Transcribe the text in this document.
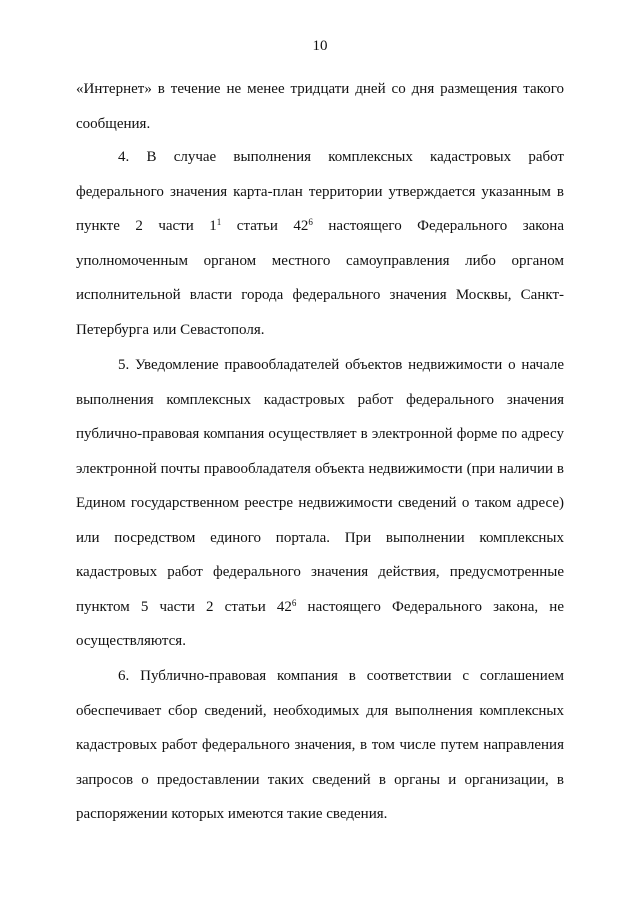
10

«Интернет» в течение не менее тридцати дней со дня размещения такого сообщения.

4. В случае выполнения комплексных кадастровых работ федерального значения карта-план территории утверждается указанным в пункте 2 части $1^1$ статьи $42^6$ настоящего Федерального закона уполномоченным органом местного самоуправления либо органом исполнительной власти города федерального значения Москвы, Санкт-Петербурга или Севастополя.

5. Уведомление правообладателей объектов недвижимости о начале выполнения комплексных кадастровых работ федерального значения публично-правовая компания осуществляет в электронной форме по адресу электронной почты правообладателя объекта недвижимости (при наличии в Едином государственном реестре недвижимости сведений о таком адресе) или посредством единого портала. При выполнении комплексных кадастровых работ федерального значения действия, предусмотренные пунктом 5 части 2 статьи $42^6$ настоящего Федерального закона, не осуществляются.

6. Публично-правовая компания в соответствии с соглашением обеспечивает сбор сведений, необходимых для выполнения комплексных кадастровых работ федерального значения, в том числе путем направления запросов о предоставлении таких сведений в органы и организации, в распоряжении которых имеются такие сведения.
